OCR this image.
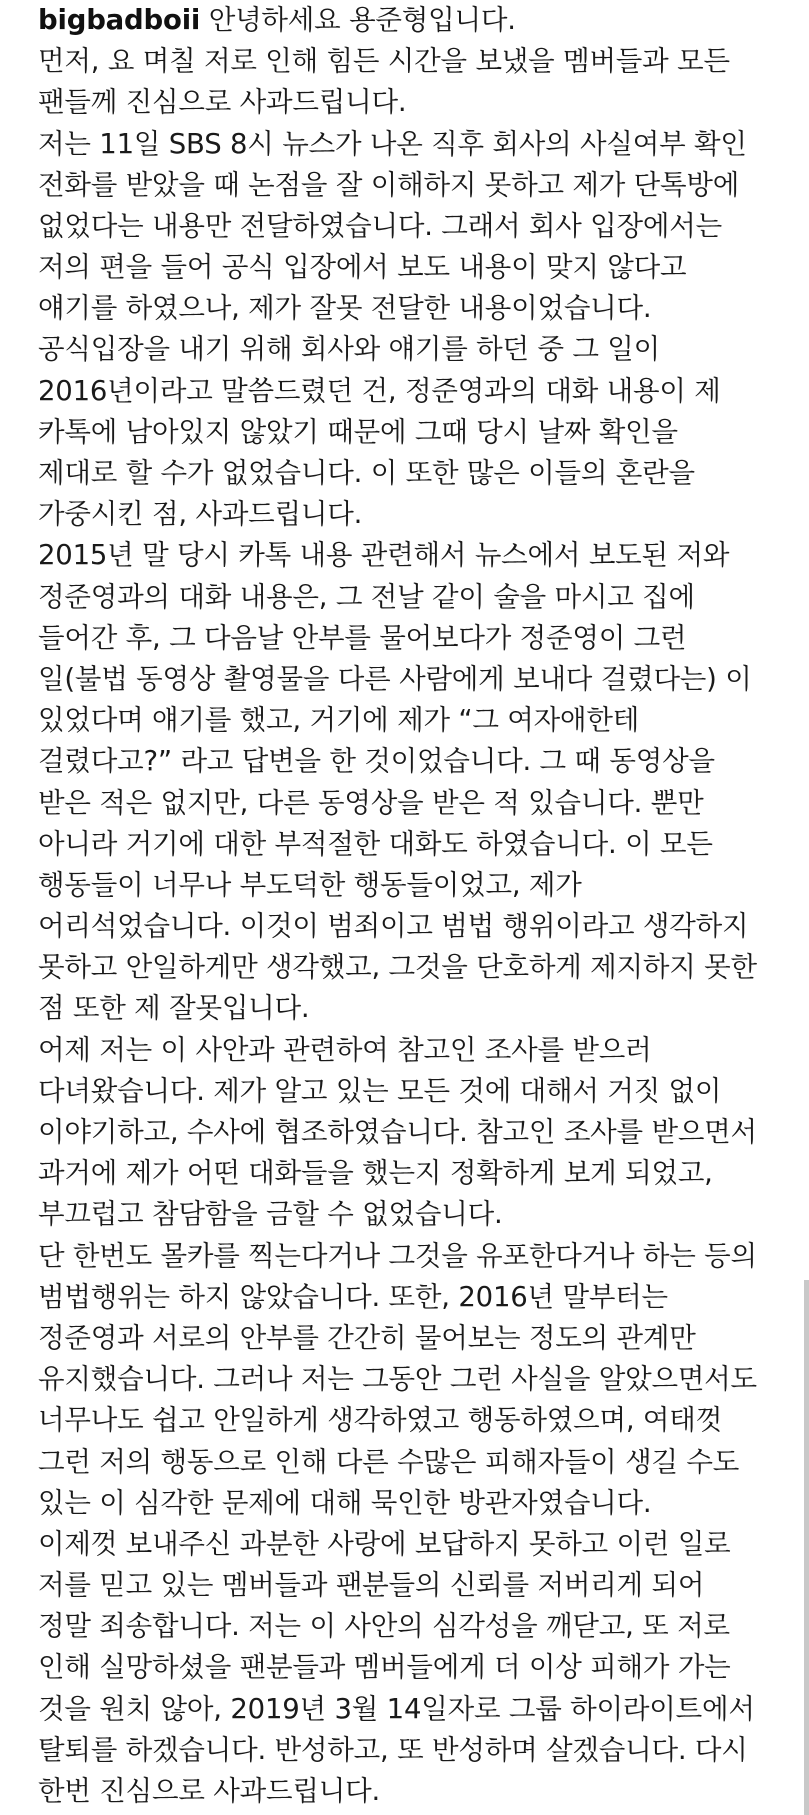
bigbadboii 안녕하세요 용준형입니다.
먼저, 요 며칠 저로 인해 힘든 시간을 보냈을 멤버들과 모든
팬들께 진심으로 사과드립니다.
저는 11일 SBS 8시 뉴스가 나온 직후 회사의 사실여부 확인
전화를 받았을 때 논점을 잘 이해하지 못하고 제가 단톡방에
없었다는 내용만 전달하였습니다. 그래서 회사 입장에서는
저의 편을 들어 공식 입장에서 보도 내용이 맞지 않다고
얘기를 하였으나, 제가 잘못 전달한 내용이었습니다.
공식입장을 내기 위해 회사와 얘기를 하던 중 그 일이
2016년이라고 말씀드렸던 건, 정준영과의 대화 내용이 제
카톡에 남아있지 않았기 때문에 그때 당시 날짜 확인을
제대로 할 수가 없었습니다. 이 또한 많은 이들의 혼란을
가중시킨 점, 사과드립니다.
2015년 말 당시 카톡 내용 관련해서 뉴스에서 보도된 저와
정준영과의 대화 내용은, 그 전날 같이 술을 마시고 집에
들어간 후, 그 다음날 안부를 물어보다가 정준영이 그런
일(불법 동영상 촬영물을 다른 사람에게 보내다 걸렸다는) 이
있었다며 얘기를 했고, 거기에 제가 “그 여자애한테
걸렸다고?” 라고 답변을 한 것이었습니다. 그 때 동영상을
받은 적은 없지만, 다른 동영상을 받은 적 있습니다. 뿐만
아니라 거기에 대한 부적절한 대화도 하였습니다. 이 모든
행동들이 너무나 부도덕한 행동들이었고, 제가
어리석었습니다. 이것이 범죄이고 범법 행위이라고 생각하지
못하고 안일하게만 생각했고, 그것을 단호하게 제지하지 못한
점 또한 제 잘못입니다.
어제 저는 이 사안과 관련하여 참고인 조사를 받으러
다녀왔습니다. 제가 알고 있는 모든 것에 대해서 거짓 없이
이야기하고, 수사에 협조하였습니다. 참고인 조사를 받으면서
과거에 제가 어떤 대화들을 했는지 정확하게 보게 되었고,
부끄럽고 참담함을 금할 수 없었습니다.
단 한번도 몰카를 찍는다거나 그것을 유포한다거나 하는 등의
범법행위는 하지 않았습니다. 또한, 2016년 말부터는
정준영과 서로의 안부를 간간히 물어보는 정도의 관계만
유지했습니다. 그러나 저는 그동안 그런 사실을 알았으면서도
너무나도 쉽고 안일하게 생각하였고 행동하였으며, 여태껏
그런 저의 행동으로 인해 다른 수많은 피해자들이 생길 수도
있는 이 심각한 문제에 대해 묵인한 방관자였습니다.
이제껏 보내주신 과분한 사랑에 보답하지 못하고 이런 일로
저를 믿고 있는 멤버들과 팬분들의 신뢰를 저버리게 되어
정말 죄송합니다. 저는 이 사안의 심각성을 깨닫고, 또 저로
인해 실망하셨을 팬분들과 멤버들에게 더 이상 피해가 가는
것을 원치 않아, 2019년 3월 14일자로 그룹 하이라이트에서
탈퇴를 하겠습니다. 반성하고, 또 반성하며 살겠습니다. 다시
한번 진심으로 사과드립니다.
